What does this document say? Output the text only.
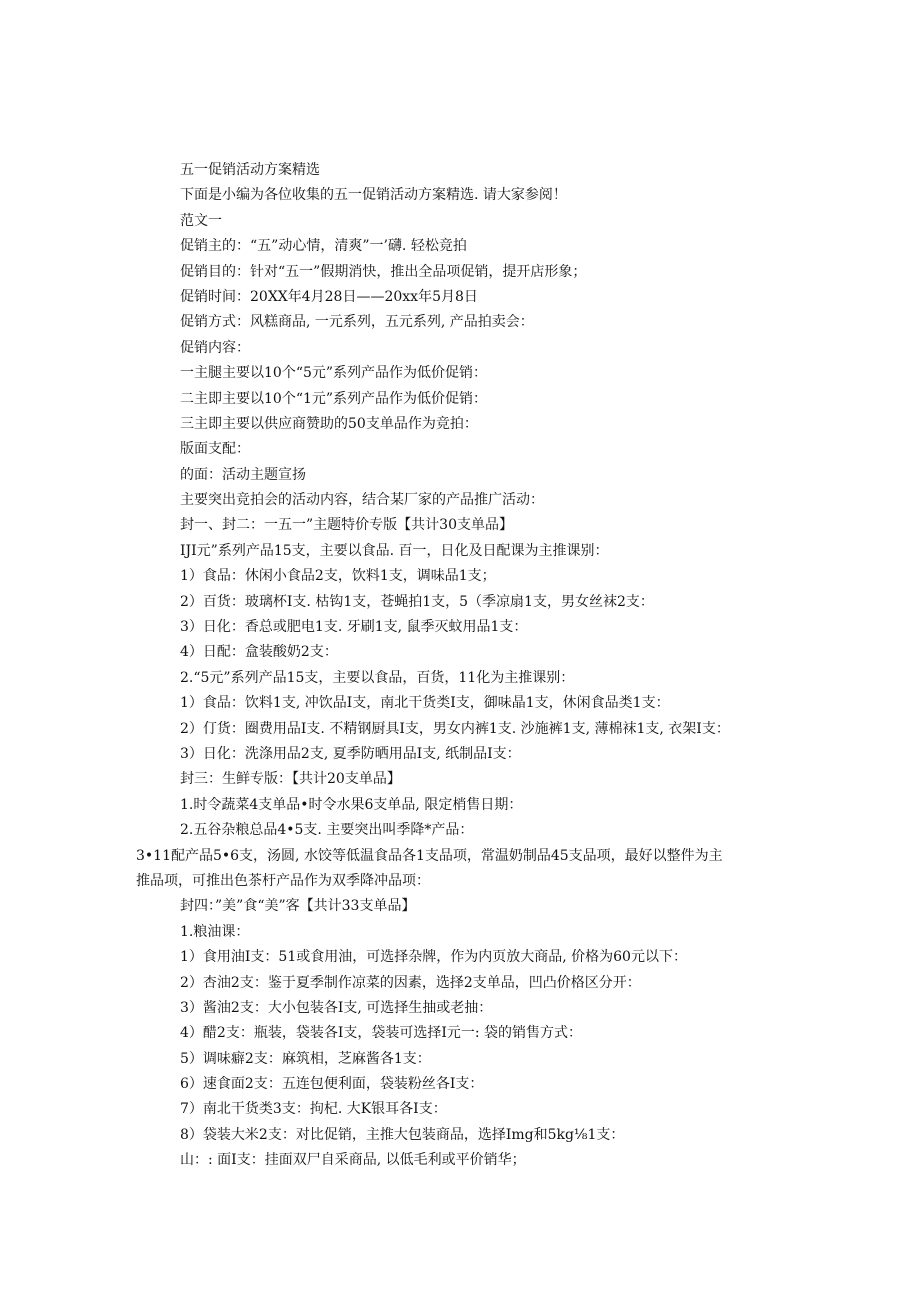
五一促销活动方案精选
下面是小编为各位收集的五一促销活动方案精选. 请大家参阅！
范文一
促销主的：“五”动心情，清爽”一’礴. 轻松竞拍
促销目的：针对“五一”假期消快，推出全品项促销，提开店形象；
促销时间：20XX年4月28日——20xx年5月8日
促销方式：风糕商品, 一元系列，五元系列, 产品拍卖会：
促销内容：
一主腿主要以10个“5元”系列产品作为低价促销：
二主即主要以10个“1元”系列产品作为低价促销：
三主即主要以供应商赞助的50支单品作为竞拍：
版面支配：
的面：活动主题宣扬
主要突出竞拍会的活动内容，结合某厂家的产品推广活动：
封一、封二：一五一”主题特价专版【共计30支单品】
IJI元”系列产品15支，主要以食品. 百一，日化及日配课为主推课别：
1）食品：休闲小食品2支，饮料1支，调味品1支；
2）百货：玻璃杯I支. 枯钩1支，苍蝇拍1支，5（季凉扇1支，男女丝袜2支：
3）日化：香总或肥电1支. 牙刷1支, 鼠季灭蚊用品1支：
4）日配：盒装酸奶2支：
2.“5元”系列产品15支，主要以食品，百货，11化为主推课别：
1）食品：饮料1支, 冲饮品I支，南北干货类I支，御味晶1支，休闲食品类1支：
2）仃货：圈费用品I支. 不精钢厨具I支，男女内裤1支. 沙施裤1支, 薄棉袜1支, 衣架I支：
3）日化：洗涤用品2支, 夏季防晒用品I支, 纸制品I支：
封三：生鲜专版：【共计20支单品】
1.时令蔬菜4支单品•时令水果6支单品, 限定梢售日期：
2.五谷杂粮总品4•5支. 主要突出叫季降*产品：
3•11配产品5•6支，汤圆, 水饺等低温食品各1支品项，常温奶制品45支品项，最好以整件为主
推品项，可推出色茶杅产品作为双季降冲品项：
封四：”美”食“美”客【共计33支单品】
1.粮油课：
1）食用油I支：51或食用油，可选择杂牌，作为内页放大商品, 价格为60元以下：
2）杏油2支：鉴于夏季制作凉菜的因素，选择2支单品，凹凸价格区分开：
3）酱油2支：大小包装各I支, 可选择生抽或老抽：
4）醋2支：瓶装，袋装各I支，袋装可选择I元一: 袋的销售方式：
5）调味癖2支：麻筑相，芝麻酱各1支：
6）速食面2支：五连包便利面，袋装粉丝各I支：
7）南北干货类3支：拘杞. 大K银耳各I支：
8）袋装大米2支：对比促销，主推大包装商品，选择Img和5kg⅛1支：
山：: 面I支：挂面双尸自采商品, 以低毛利或平价销华；
